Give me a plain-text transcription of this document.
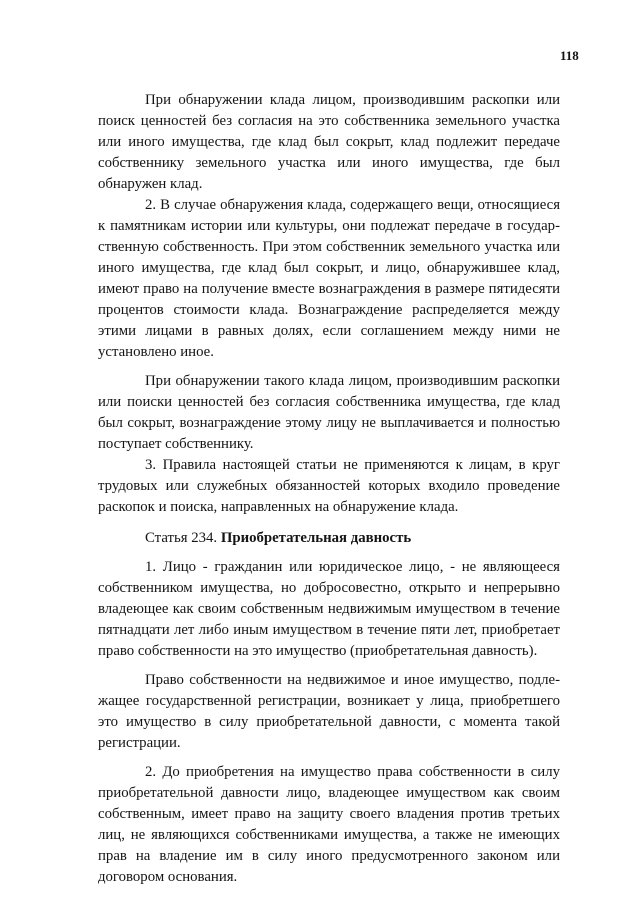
118

При обнаружении клада лицом, производившим раскопки или поиск ценностей без согласия на это собственника земельного участка или иного имущества, где клад был сокрыт, клад подлежит передаче собственнику земельного участка или иного имущества, где был обнаружен клад.

2. В случае обнаружения клада, содержащего вещи, относящиеся к памятникам истории или культуры, они подлежат передаче в государственную собственность. При этом собственник земельного участка или иного имущества, где клад был сокрыт, и лицо, обнаружившее клад, имеют право на получение вместе вознаграждения в размере пятидесяти процентов стоимости клада. Вознаграждение распределяется между этими лицами в равных долях, если соглашением между ними не установлено иное.

При обнаружении такого клада лицом, производившим раскопки или поиски ценностей без согласия собственника имущества, где клад был сокрыт, вознаграждение этому лицу не выплачивается и полностью поступает собственнику.

3. Правила настоящей статьи не применяются к лицам, в круг трудовых или служебных обязанностей которых входило проведение раскопок и поиска, направленных на обнаружение клада.

Статья 234. Приобретательная давность

1. Лицо - гражданин или юридическое лицо, - не являющееся собственником имущества, но добросовестно, открыто и непрерывно владеющее как своим собственным недвижимым имуществом в течение пятнадцати лет либо иным имуществом в течение пяти лет, приобретает право собственности на это имущество (приобретательная давность).

Право собственности на недвижимое и иное имущество, подлежащее государственной регистрации, возникает у лица, приобретшего это имущество в силу приобретательной давности, с момента такой регистрации.

2. До приобретения на имущество права собственности в силу приобретательной давности лицо, владеющее имуществом как своим собственным, имеет право на защиту своего владения против третьих лиц, не являющихся собственниками имущества, а также не имеющих прав на владение им в силу иного предусмотренного законом или договором основания.
